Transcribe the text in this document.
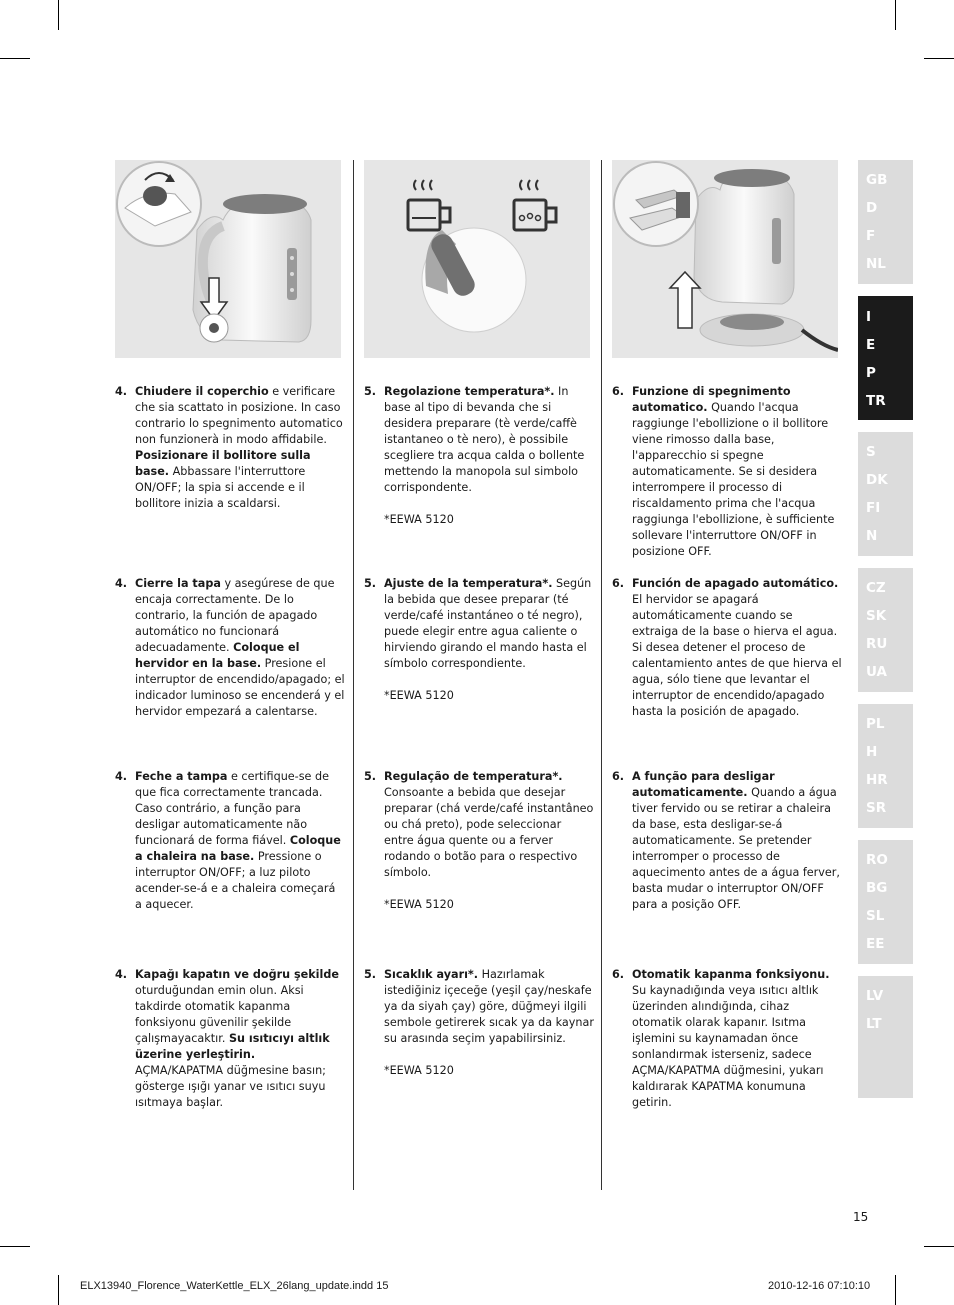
4. Chiudere il coperchio e verificare che sia scattato in posizione. In caso contrario lo spegnimento automatico non funzionerà in modo affidabile. Posizionare il bollitore sulla base. Abbassare l'interruttore ON/OFF; la spia si accende e il bollitore inizia a scaldarsi.
5. Regolazione temperatura*. In base al tipo di bevanda che si desidera preparare (tè verde/caffè istantaneo o tè nero), è possibile scegliere tra acqua calda o bollente mettendo la manopola sul simbolo corrispondente.
*EEWA 5120
6. Funzione di spegnimento automatico. Quando l'acqua raggiunge l'ebollizione o il bollitore viene rimosso dalla base, l'apparecchio si spegne automaticamente. Se si desidera interrompere il processo di riscaldamento prima che l'acqua raggiunga l'ebollizione, è sufficiente sollevare l'interruttore ON/OFF in posizione OFF.
4. Cierre la tapa y asegúrese de que encaja correctamente. De lo contrario, la función de apagado automático no funcionará adecuadamente. Coloque el hervidor en la base. Presione el interruptor de encendido/apagado; el indicador luminoso se encenderá y el hervidor empezará a calentarse.
5. Ajuste de la temperatura*. Según la bebida que desee preparar (té verde/café instantáneo o té negro), puede elegir entre agua caliente o hirviendo girando el mando hasta el símbolo correspondiente.
*EEWA 5120
6. Función de apagado automático. El hervidor se apagará automáticamente cuando se extraiga de la base o hierva el agua. Si desea detener el proceso de calentamiento antes de que hierva el agua, sólo tiene que levantar el interruptor de encendido/apagado hasta la posición de apagado.
4. Feche a tampa e certifique-se de que fica correctamente trancada. Caso contrário, a função para desligar automaticamente não funcionará de forma fiável. Coloque a chaleira na base. Pressione o interruptor ON/OFF; a luz piloto acender-se-á e a chaleira começará a aquecer.
5. Regulação de temperatura*. Consoante a bebida que desejar preparar (chá verde/café instantâneo ou chá preto), pode seleccionar entre água quente ou a ferver rodando o botão para o respectivo símbolo.
*EEWA 5120
6. A função para desligar automaticamente. Quando a água tiver fervido ou se retirar a chaleira da base, esta desligar-se-á automaticamente. Se pretender interromper o processo de aquecimento antes de a água ferver, basta mudar o interruptor ON/OFF para a posição OFF.
4. Kapağı kapatın ve doğru şekilde oturduğundan emin olun. Aksi takdirde otomatik kapanma fonksiyonu güvenilir şekilde çalışmayacaktır. Su ısıtıcıyı altlık üzerine yerleştirin. AÇMA/KAPATMA düğmesine basın; gösterge ışığı yanar ve ısıtıcı suyu ısıtmaya başlar.
5. Sıcaklık ayarı*. Hazırlamak istediğiniz içeceğe (yeşil çay/neskafe ya da siyah çay) göre, düğmeyi ilgili sembole getirerek sıcak ya da kaynar su arasında seçim yapabilirsiniz.
*EEWA 5120
6. Otomatik kapanma fonksiyonu. Su kaynadığında veya ısıtıcı altlık üzerinden alındığında, cihaz otomatik olarak kapanır. Isıtma işlemini su kaynamadan önce sonlandırmak isterseniz, sadece AÇMA/KAPATMA düğmesini, yukarı kaldırarak KAPATMA konumuna getirin.
GB
D
F
NL
I
E
P
TR
S
DK
FI
N
CZ
SK
RU
UA
PL
H
HR
SR
RO
BG
SL
EE
LV
LT
15
ELX13940_Florence_WaterKettle_ELX_26lang_update.indd 15	2010-12-16 07:10:10
